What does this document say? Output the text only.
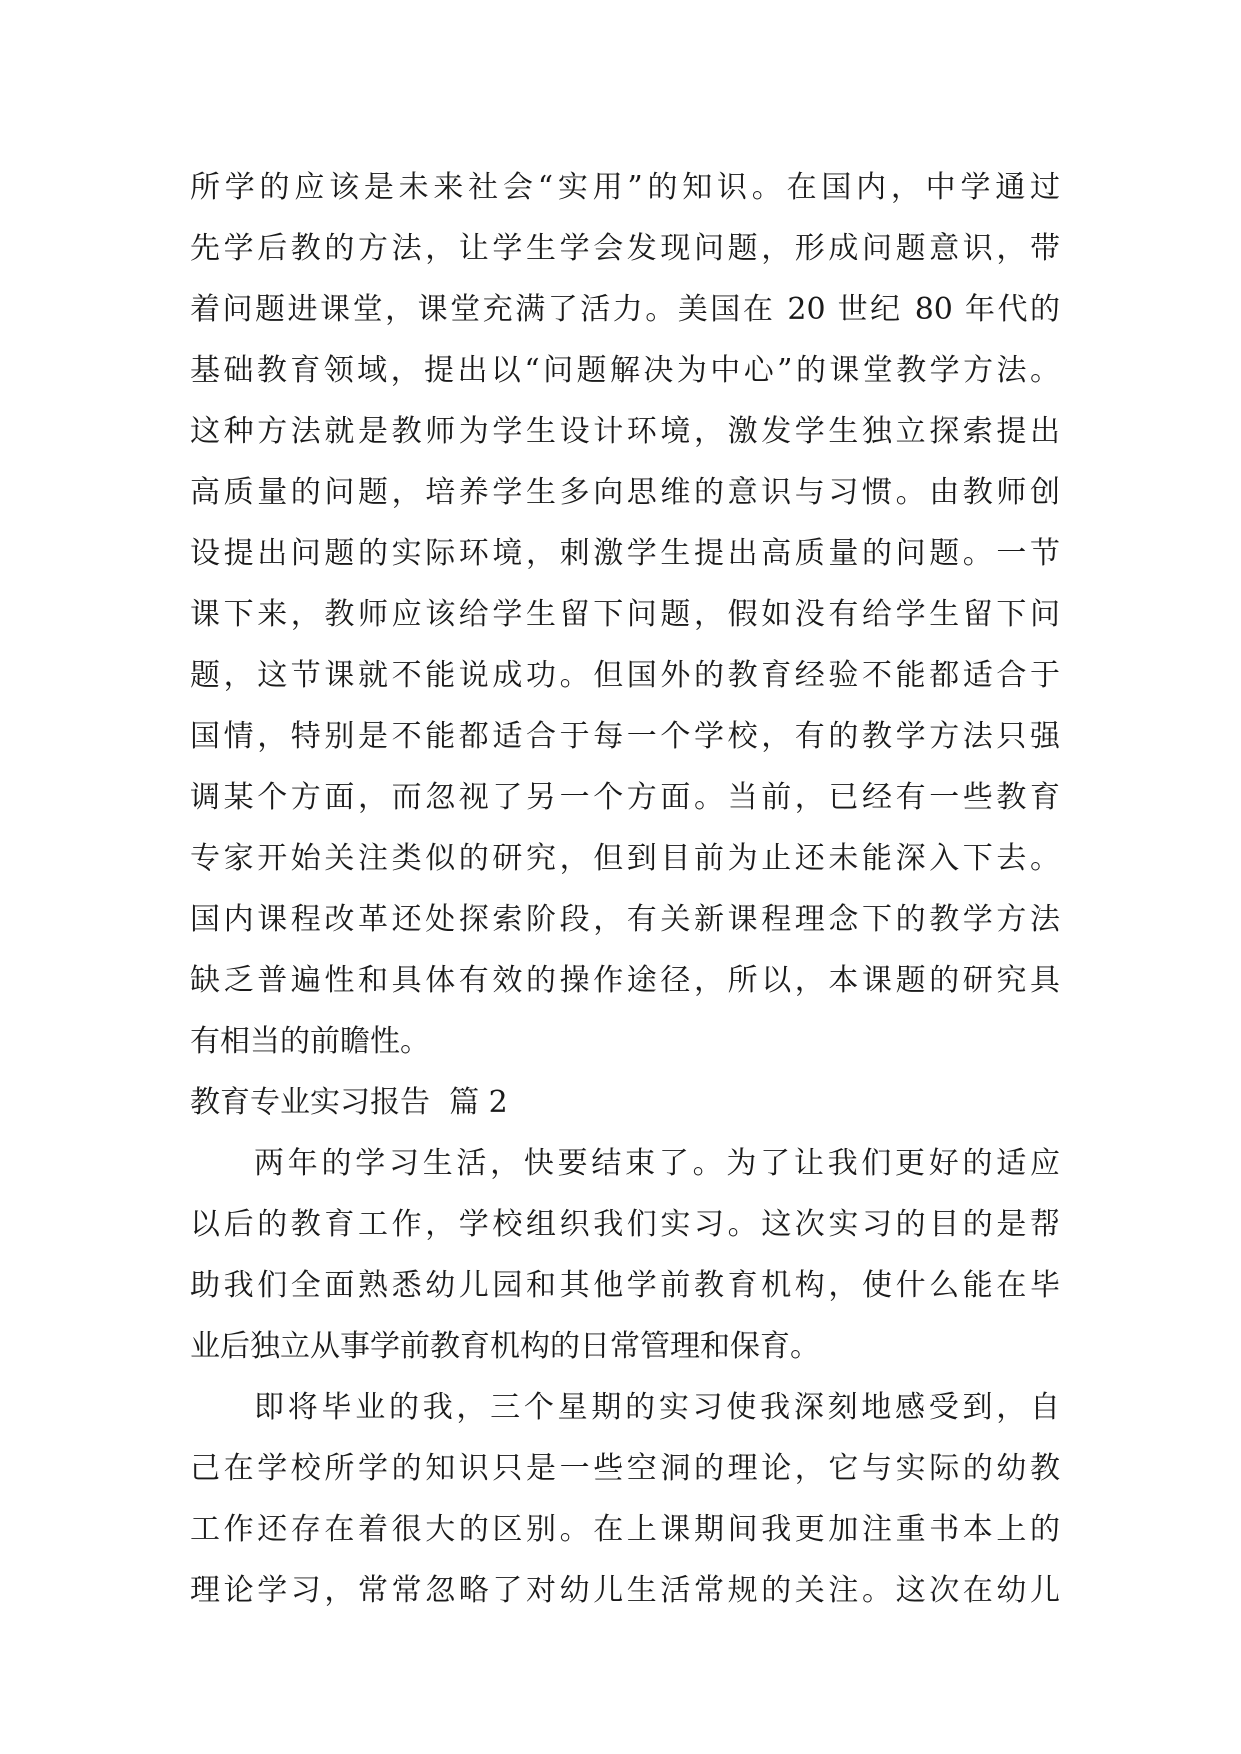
所学的应该是未来社会“实用”的知识。在国内，中学通过
先学后教的方法，让学生学会发现问题，形成问题意识，带
着问题进课堂，课堂充满了活力。美国在 20 世纪 80 年代的
基础教育领域，提出以“问题解决为中心”的课堂教学方法。
这种方法就是教师为学生设计环境，激发学生独立探索提出
高质量的问题，培养学生多向思维的意识与习惯。由教师创
设提出问题的实际环境，刺激学生提出高质量的问题。一节
课下来，教师应该给学生留下问题，假如没有给学生留下问
题，这节课就不能说成功。但国外的教育经验不能都适合于
国情，特别是不能都适合于每一个学校，有的教学方法只强
调某个方面，而忽视了另一个方面。当前，已经有一些教育
专家开始关注类似的研究，但到目前为止还未能深入下去。
国内课程改革还处探索阶段，有关新课程理念下的教学方法
缺乏普遍性和具体有效的操作途径，所以，本课题的研究具
有相当的前瞻性。
教育专业实习报告  篇 2
两年的学习生活，快要结束了。为了让我们更好的适应
以后的教育工作，学校组织我们实习。这次实习的目的是帮
助我们全面熟悉幼儿园和其他学前教育机构，使什么能在毕
业后独立从事学前教育机构的日常管理和保育。
即将毕业的我，三个星期的实习使我深刻地感受到，自
己在学校所学的知识只是一些空洞的理论，它与实际的幼教
工作还存在着很大的区别。在上课期间我更加注重书本上的
理论学习，常常忽略了对幼儿生活常规的关注。这次在幼儿
